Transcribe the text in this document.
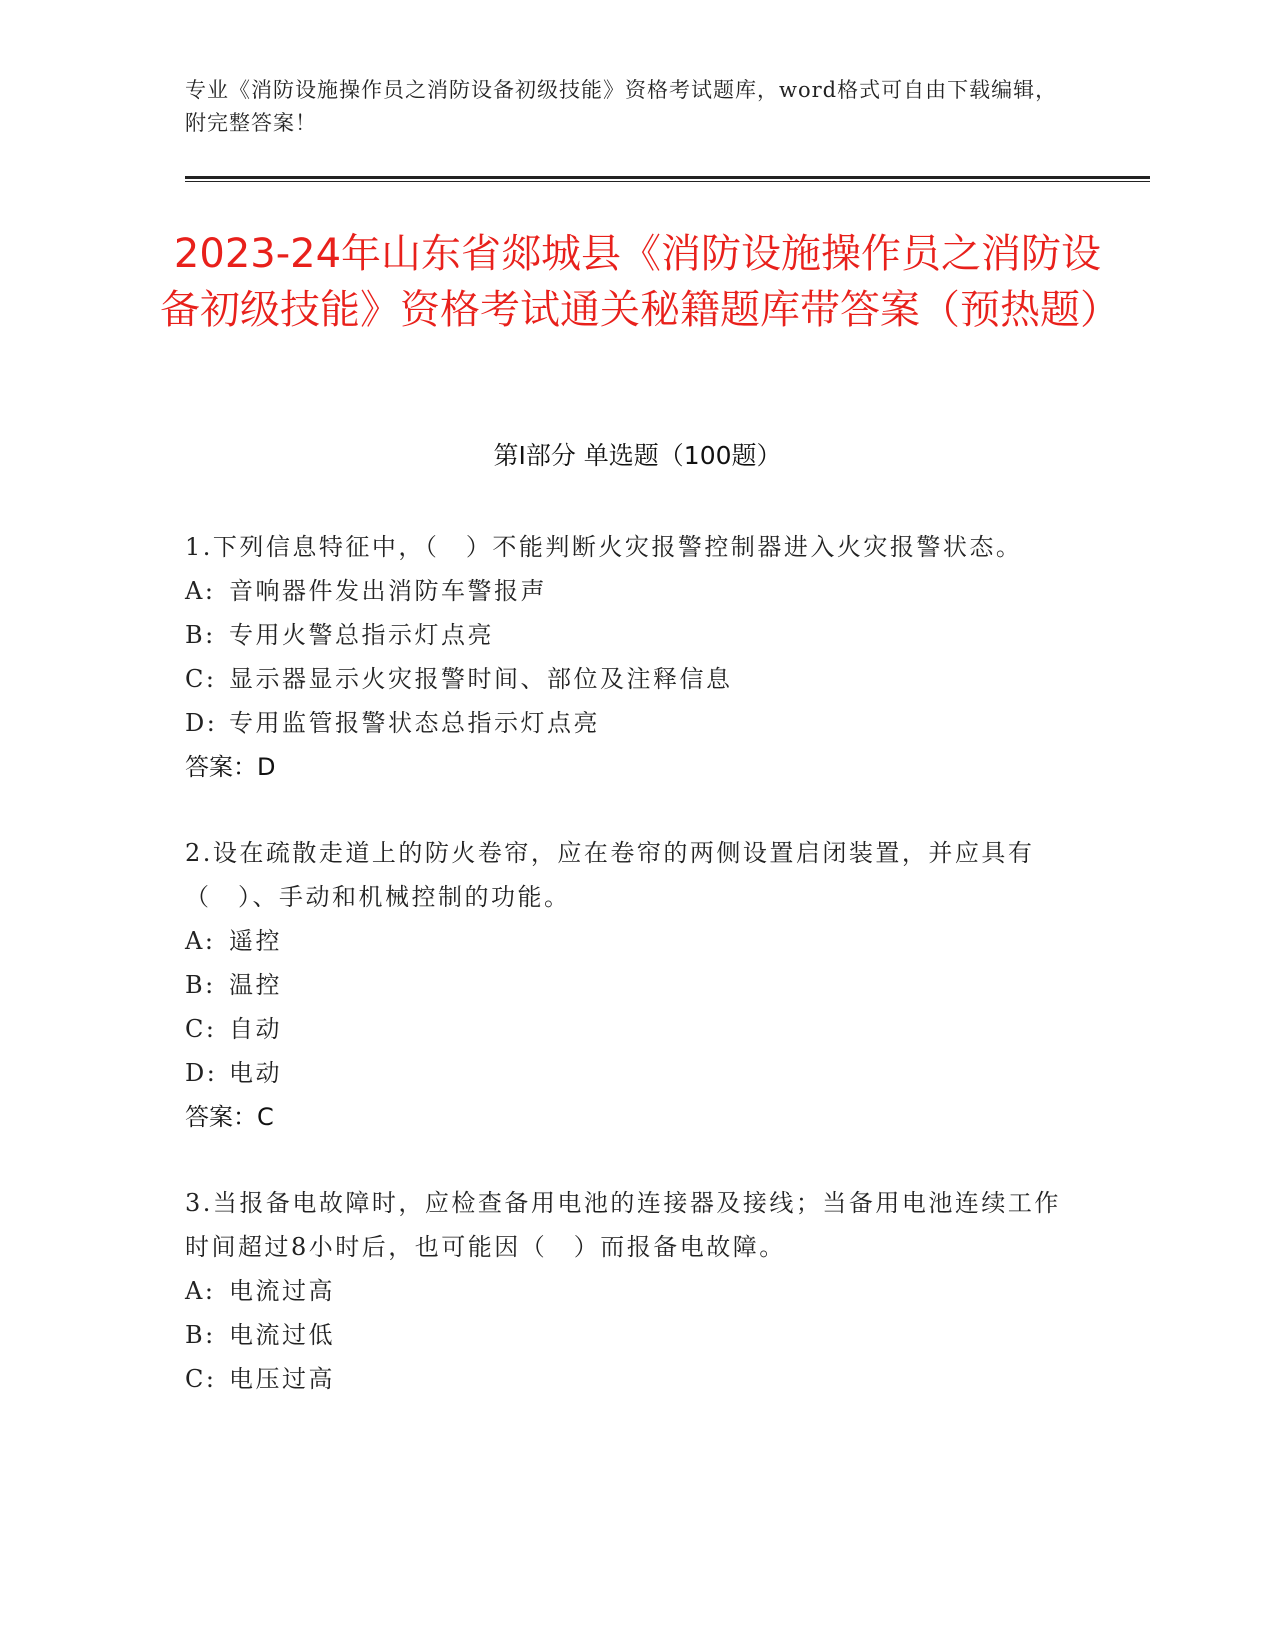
专业《消防设施操作员之消防设备初级技能》资格考试题库，word格式可自由下载编辑，附完整答案！
2023-24年山东省郯城县《消防设施操作员之消防设备初级技能》资格考试通关秘籍题库带答案（预热题）
第Ⅰ部分 单选题（100题）
1.下列信息特征中，（　）不能判断火灾报警控制器进入火灾报警状态。
A: 音响器件发出消防车警报声
B: 专用火警总指示灯点亮
C: 显示器显示火灾报警时间、部位及注释信息
D: 专用监管报警状态总指示灯点亮
答案：D
2.设在疏散走道上的防火卷帘，应在卷帘的两侧设置启闭装置，并应具有（　）、手动和机械控制的功能。
A: 遥控
B: 温控
C: 自动
D: 电动
答案：C
3.当报备电故障时，应检查备用电池的连接器及接线；当备用电池连续工作时间超过8小时后，也可能因（　）而报备电故障。
A: 电流过高
B: 电流过低
C: 电压过高
